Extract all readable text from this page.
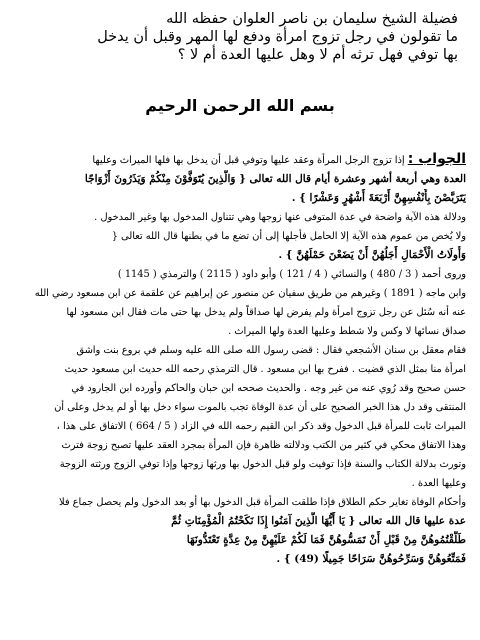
فضيلة الشيخ سليمان بن ناصر العلوان حفظه الله
ما تقولون في رجل تزوج امرأة ودفع لها المهر وقبل أن يدخل
بها توفي فهل ترثه أم لا وهل عليها العدة أم لا ؟
بسم الله الرحمن الرحيم

الجواب : إذا تزوج الرجل المرأة وعقد عليها وتوفي قبل أن يدخل بها فلها الميراث وعليها

العدة وهي أربعة أشهر وعشرة أيام قال الله تعالى { وَالَّذِينَ يُتَوَفَّوْنَ مِنْكُمْ وَيَذَرُونَ أَزْوَاجًا

يَتَرَبَّصْنَ بِأَنْفُسِهِنَّ أَرْبَعَةَ أَشْهُرٍ وَعَشْرًا } .

ودلالة هذه الآية واضحة في عدة المتوفى عنها زوجها وهي تتناول المدخول بها وغير المدخول .

ولا يُخص من عموم هذه الآية إلا الحامل فأجلها إلى أن تضع ما في بطنها قال الله تعالى {

وَأُولَاتُ الْأَحْمَالِ أَجَلُهُنَّ أَنْ يَضَعْنَ حَمْلَهُنَّ } .

وروى أحمد ( 3 / 480 ) والنسائي ( 4 / 121 ) وأبو داود ( 2115 ) والترمذي ( 1145 )

وابن ماجه ( 1891 ) وغيرهم من طريق سفيان عن منصور عن إبراهيم عن علقمة عن ابن مسعود رضي الله

عنه أنه سُئل عن رجل تزوج امرأة ولم يفرض لها صداقاً ولم يدخل بها حتى مات فقال ابن مسعود لها

صداق نسائها لا وكس ولا شطط وعليها العدة ولها الميراث .

فقام معقل بن سنان الأشجعي فقال : قضى رسول الله صلى الله عليه وسلم في بروع بنت واشق

امرأة منا بمثل الذي قضيت . ففرح بها ابن مسعود . قال الترمذي رحمه الله حديث ابن مسعود حديث

حسن صحيح وقد رُوي عنه من غير وجه . والحديث صححه ابن حبان والحاكم وأورده ابن الجارود في

المنتقى وقد دل هذا الخبر الصحيح على أن عدة الوفاة تجب بالموت سواء دخل بها أو لم يدخل وعلى أن

الميراث ثابت للمرأة قبل الدخول وقد ذكر ابن القيم رحمه الله في الزاد ( 5 / 664 ) الاتفاق على هذا ،

وهذا الاتفاق محكي في كثير من الكتب ودلالته ظاهرة فإن المرأة بمجرد العقد عليها تصبح زوجة فترث

وتورث بدلالة الكتاب والسنة فإذا توفيت ولو قبل الدخول بها ورثها زوجها وإذا توفي الزوج ورثته الزوجة

وعليها العدة .

وأحكام الوفاة تغاير حكم الطلاق فإذا طلقت المرأة قبل الدخول بها أو بعد الدخول ولم يحصل جماع فلا

عدة عليها قال الله تعالى { يَا أَيُّهَا الَّذِينَ آمَنُوا إِذَا نَكَحْتُمُ الْمُؤْمِنَاتِ ثُمَّ

طَلَّقْتُمُوهُنَّ مِنْ قَبْلِ أَنْ تَمَسُّوهُنَّ فَمَا لَكُمْ عَلَيْهِنَّ مِنْ عِدَّةٍ تَعْتَدُّونَهَا

فَمَتِّعُوهُنَّ وَسَرِّحُوهُنَّ سَرَاحًا جَمِيلًا (49) } .
